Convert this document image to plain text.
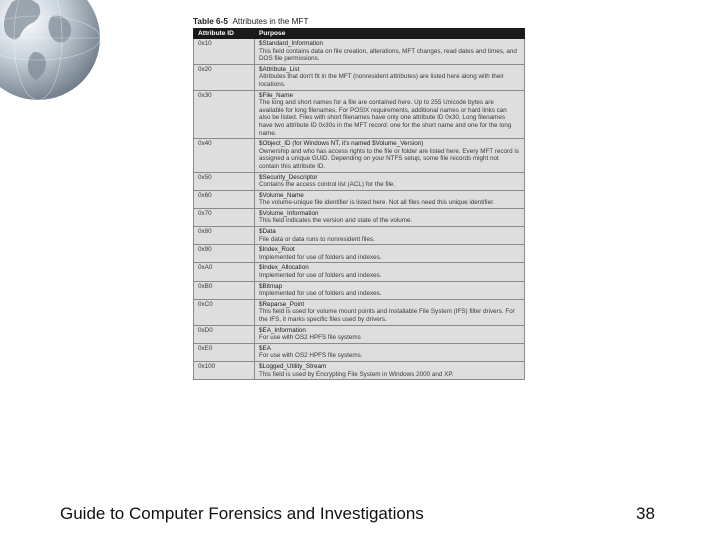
Table 6-5 Attributes in the MFT
Attribute ID	Purpose
0x10	$Standard_Information
This field contains data on file creation, alterations, MFT changes, read dates and times, and DOS file permissions.

0x20	$Attribute_List
Attributes that don't fit in the MFT (nonresident attributes) are listed here along with their locations.

0x30	$File_Name
The long and short names for a file are contained here. Up to 255 Unicode bytes are available for long filenames. For POSIX requirements, additional names or hard links can also be listed. Files with short filenames have only one attribute ID 0x30. Long filenames have two attribute ID 0x30s in the MFT record: one for the short name and one for the long name.

0x40	$Object_ID (for Windows NT, it's named $Volume_Version)
Ownership and who has access rights to the file or folder are listed here. Every MFT record is assigned a unique GUID. Depending on your NTFS setup, some file records might not contain this attribute ID.

0x50	$Security_Descriptor
Contains the access control list (ACL) for the file.

0x60	$Volume_Name
The volume-unique file identifier is listed here. Not all files need this unique identifier.

0x70	$Volume_Information
This field indicates the version and state of the volume.

0x80	$Data
File data or data runs to nonresident files.

0x90	$Index_Root
Implemented for use of folders and indexes.

0xA0	$Index_Allocation
Implemented for use of folders and indexes.

0xB0	$Bitmap
Implemented for use of folders and indexes.

0xC0	$Reparse_Point
This field is used for volume mount points and Installable File System (IFS) filter drivers. For the IFS, it marks specific files used by drivers.

0xD0	$EA_Information
For use with OS2 HPFS file systems

0xE0	$EA
For use with OS2 HPFS file systems.

0x100	$Logged_Utility_Stream
This field is used by Encrypting File System in Windows 2000 and XP.
Guide to Computer Forensics and Investigations	38
